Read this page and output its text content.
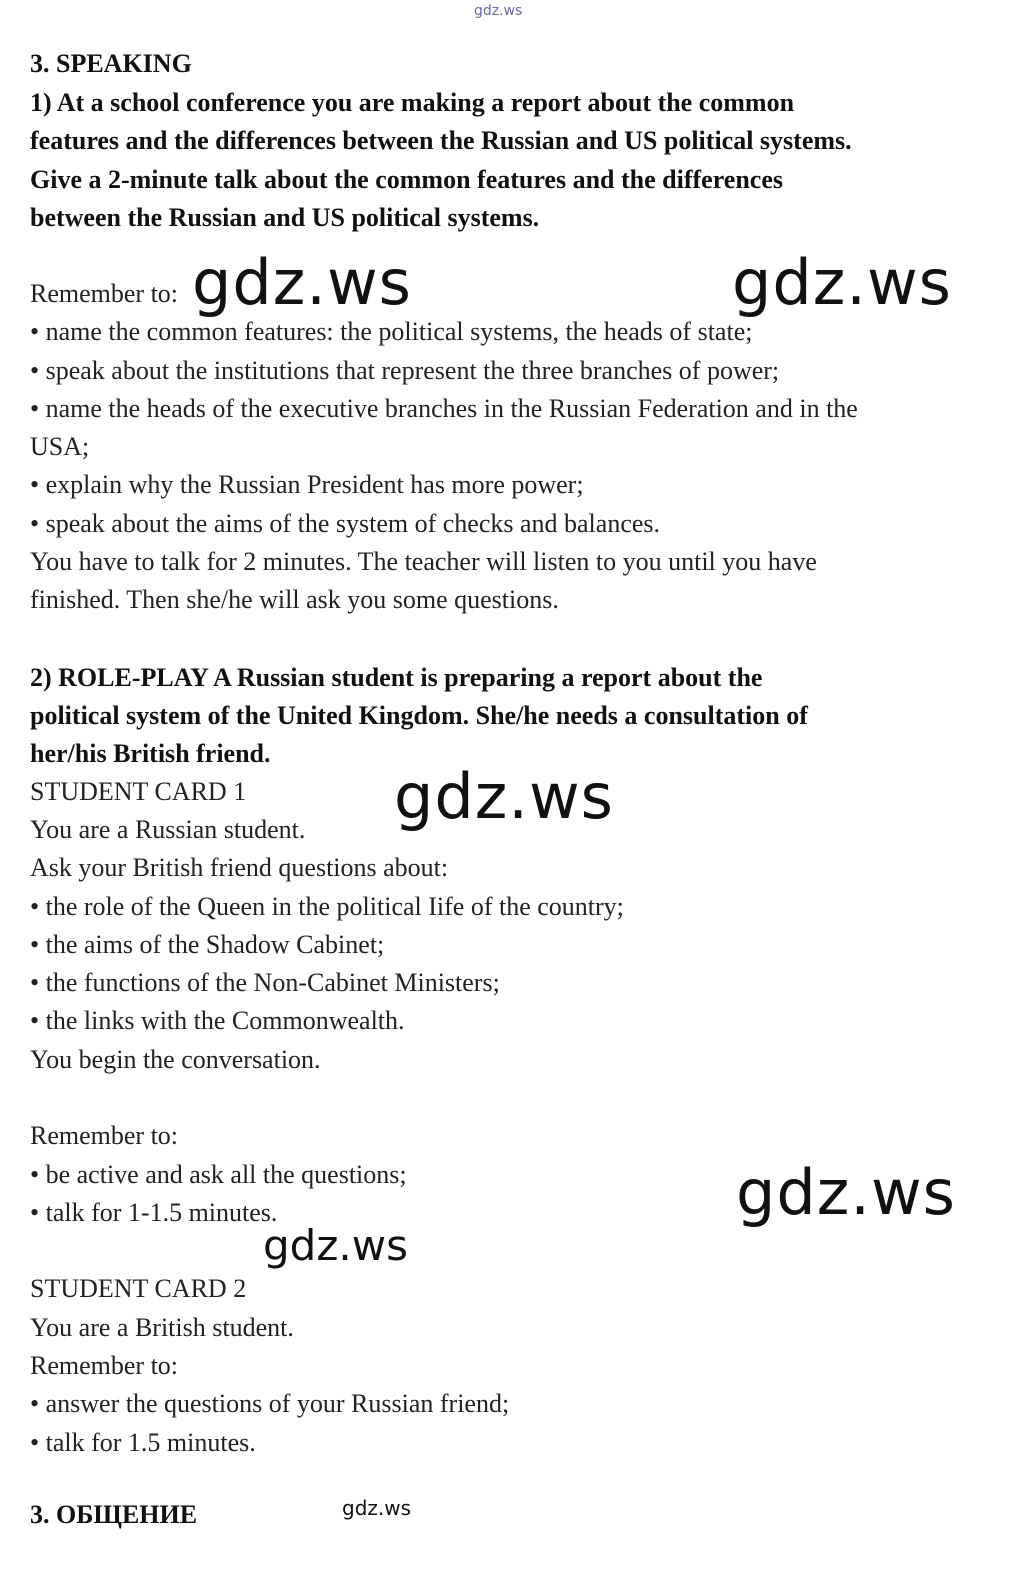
gdz.ws
3. SPEAKING
1) At a school conference you are making a report about the common
features and the differences between the Russian and US political systems.
Give a 2-minute talk about the common features and the differences
between the Russian and US political systems.
Remember to: gdz.ws	gdz.ws
• name the common features: the political systems, the heads of state;
• speak about the institutions that represent the three branches of power;
• name the heads of the executive branches in the Russian Federation and in the
USA;
• explain why the Russian President has more power;
• speak about the aims of the system of checks and balances.
You have to talk for 2 minutes. The teacher will listen to you until you have
finished. Then she/he will ask you some questions.
2) ROLE-PLAY A Russian student is preparing a report about the
political system of the United Kingdom. She/he needs a consultation of
her/his British friend.
STUDENT CARD 1 gdz.ws
You are a Russian student.
Ask your British friend questions about:
• the role of the Queen in the political Iife of the country;
• the aims of the Shadow Cabinet;
• the functions of the Non-Cabinet Ministers;
• the links with the Commonwealth.
You begin the conversation.
Remember to:
• be active and ask all the questions;	gdz.ws
• talk for 1-1.5 minutes.
gdz.ws
STUDENT CARD 2
You are a British student.
Remember to:
• answer the questions of your Russian friend;
• talk for 1.5 minutes.
3. ОБЩЕНИЕ	gdz.ws
